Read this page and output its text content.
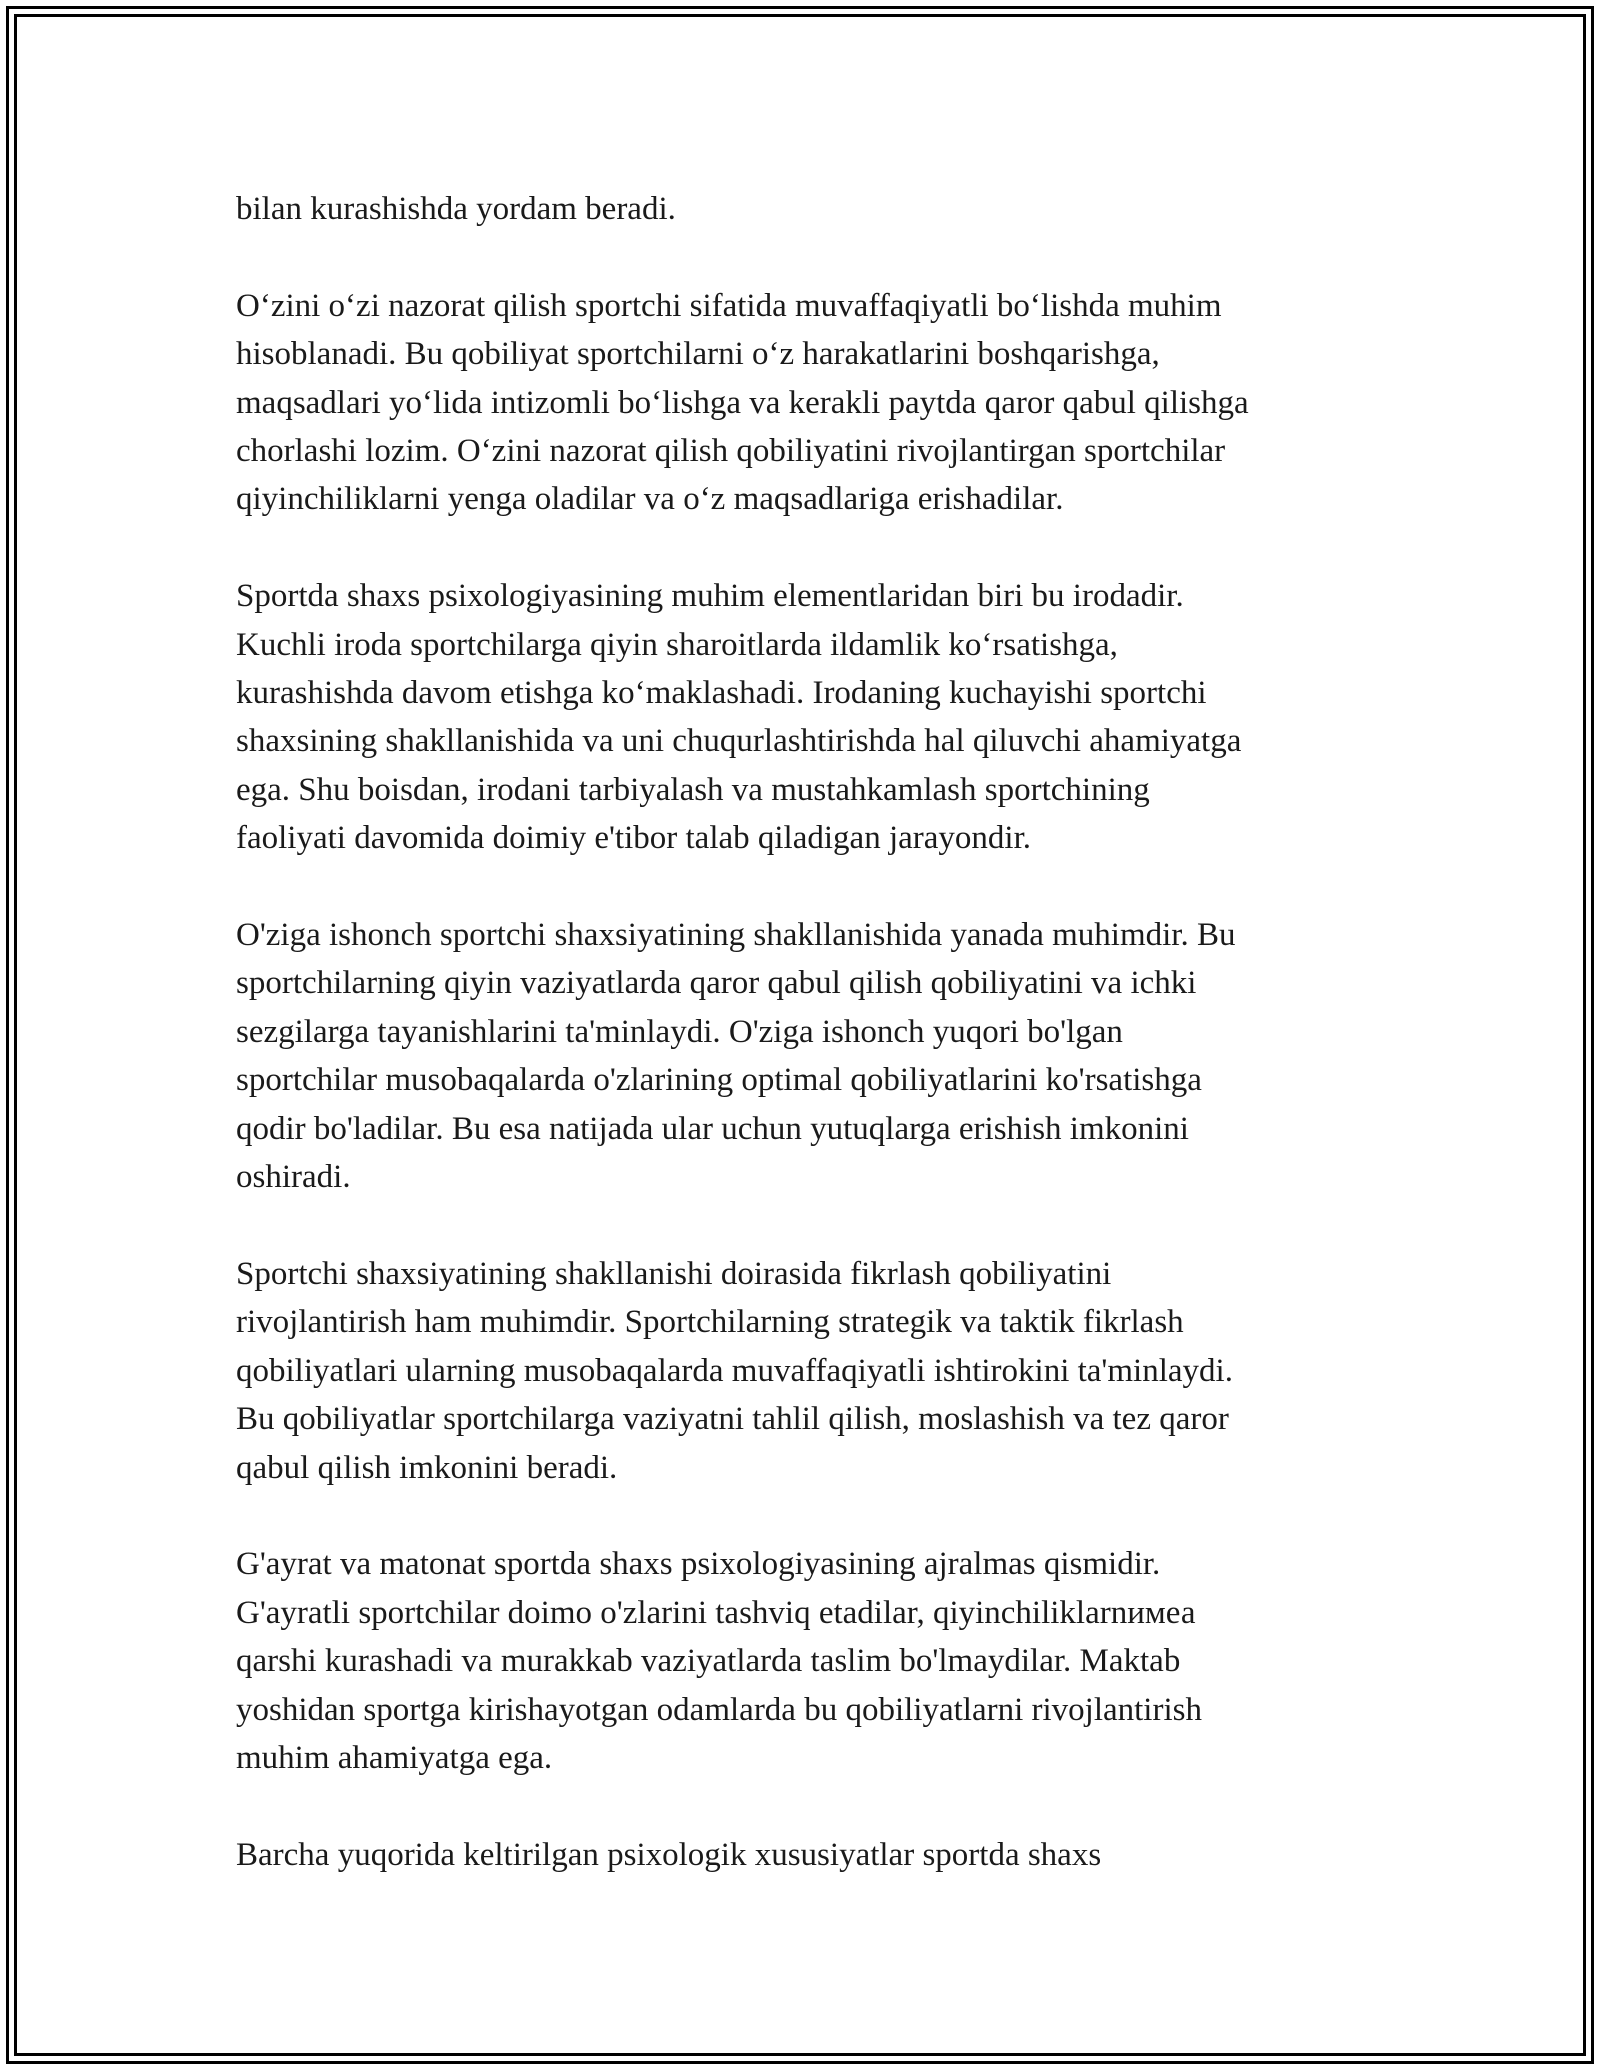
bilan kurashishda yordam beradi.
O‘zini o‘zi nazorat qilish sportchi sifatida muvaffaqiyatli bo‘lishda muhim
hisoblanadi. Bu qobiliyat sportchilarni o‘z harakatlarini boshqarishga,
maqsadlari yo‘lida intizomli bo‘lishga va kerakli paytda qaror qabul qilishga
chorlashi lozim. O‘zini nazorat qilish qobiliyatini rivojlantirgan sportchilar
qiyinchiliklarni yenga oladilar va o‘z maqsadlariga erishadilar.
Sportda shaxs psixologiyasining muhim elementlaridan biri bu irodadir.
Kuchli iroda sportchilarga qiyin sharoitlarda ildamlik ko‘rsatishga,
kurashishda davom etishga ko‘maklashadi. Irodaning kuchayishi sportchi
shaxsining shakllanishida va uni chuqurlashtirishda hal qiluvchi ahamiyatga
ega. Shu boisdan, irodani tarbiyalash va mustahkamlash sportchining
faoliyati davomida doimiy e'tibor talab qiladigan jarayondir.
O'ziga ishonch sportchi shaxsiyatining shakllanishida yanada muhimdir. Bu
sportchilarning qiyin vaziyatlarda qaror qabul qilish qobiliyatini va ichki
sezgilarga tayanishlarini ta'minlaydi. O'ziga ishonch yuqori bo'lgan
sportchilar musobaqalarda o'zlarining optimal qobiliyatlarini ko'rsatishga
qodir bo'ladilar. Bu esa natijada ular uchun yutuqlarga erishish imkonini
oshiradi.
Sportchi shaxsiyatining shakllanishi doirasida fikrlash qobiliyatini
rivojlantirish ham muhimdir. Sportchilarning strategik va taktik fikrlash
qobiliyatlari ularning musobaqalarda muvaffaqiyatli ishtirokini ta'minlaydi.
Bu qobiliyatlar sportchilarga vaziyatni tahlil qilish, moslashish va tez qaror
qabul qilish imkonini beradi.
G'ayrat va matonat sportda shaxs psixologiyasining ajralmas qismidir.
G'ayratli sportchilar doimo o'zlarini tashviq etadilar, qiyinchiliklarnимеа
qarshi kurashadi va murakkab vaziyatlarda taslim bo'lmaydilar. Maktab
yoshidan sportga kirishayotgan odamlarda bu qobiliyatlarni rivojlantirish
muhim ahamiyatga ega.
Barcha yuqorida keltirilgan psixologik xususiyatlar sportda shaxs
